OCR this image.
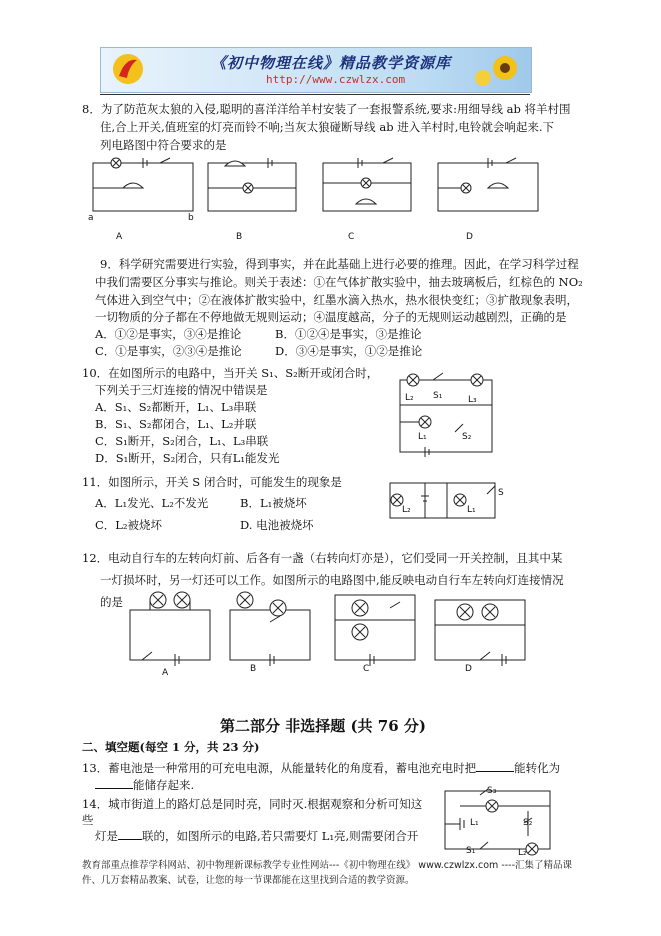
《初中物理在线》精品教学资源库
http://www.czwlzx.com
8．为了防范灰太狼的入侵,聪明的喜洋洋给羊村安装了一套报警系统,要求:用细导线 ab 将羊村围
住,合上开关,值班室的灯亮而铃不响;当灰太狼碰断导线 ab 进入羊村时,电铃就会响起来.下
列电路图中符合要求的是
a	b
A	B	C	D
9．科学研究需要进行实验，得到事实，并在此基础上进行必要的推理。因此，在学习科学过程
中我们需要区分事实与推论。则关于表述：①在气体扩散实验中，抽去玻璃板后，红棕色的 NO₂
气体进入到空气中；②在液体扩散实验中，红墨水滴入热水，热水很快变红；③扩散现象表明，
一切物质的分子都在不停地做无规则运动；④温度越高，分子的无规则运动越剧烈，正确的是
A．①②是事实，③④是推论	B．①②④是事实，③是推论
C．①是事实，②③④是推论	D．③④是事实，①②是推论
10．在如图所示的电路中，当开关 S₁、S₂断开或闭合时，
下列关于三灯连接的情况中错误是
A．S₁、S₂都断开，L₁、L₃串联
B．S₁、S₂都闭合，L₁、L₂并联
C．S₁断开，S₂闭合，L₁、L₃串联
D．S₁断开，S₂闭合，只有L₁能发光
L₂ S₁	L₃
L₁	S₂
11．如图所示，开关 S 闭合时，可能发生的现象是
A．L₁发光、L₂不发光	B．L₁被烧坏
C．L₂被烧坏	D. 电池被烧坏
L₂	L₁
S
12．电动自行车的左转向灯前、后各有一盏（右转向灯亦是），它们受同一开关控制，且其中某
一灯损坏时，另一灯还可以工作。如图所示的电路图中,能反映电动自行车左转向灯连接情况
的是
A	B	C	D
第二部分 非选择题 (共 76 分)
二、填空题(每空 1 分，共 23 分)
13．蓄电池是一种常用的可充电电源，从能量转化的角度看，蓄电池充电时把	能转化为
能储存起来.
14．城市街道上的路灯总是同时亮，同时灭.根据观察和分析可知这
些
灯是 联的，如图所示的电路,若只需要灯 L₁亮,则需要闭合开
S₃
L₁	S₂
S₁	L₂
教育部重点推荐学科网站、初中物理新课标教学专业性网站---《初中物理在线》 www.czwlzx.com ----汇集了精品课
件、几万套精品教案、试卷，让您的每一节课都能在这里找到合适的教学资源。
